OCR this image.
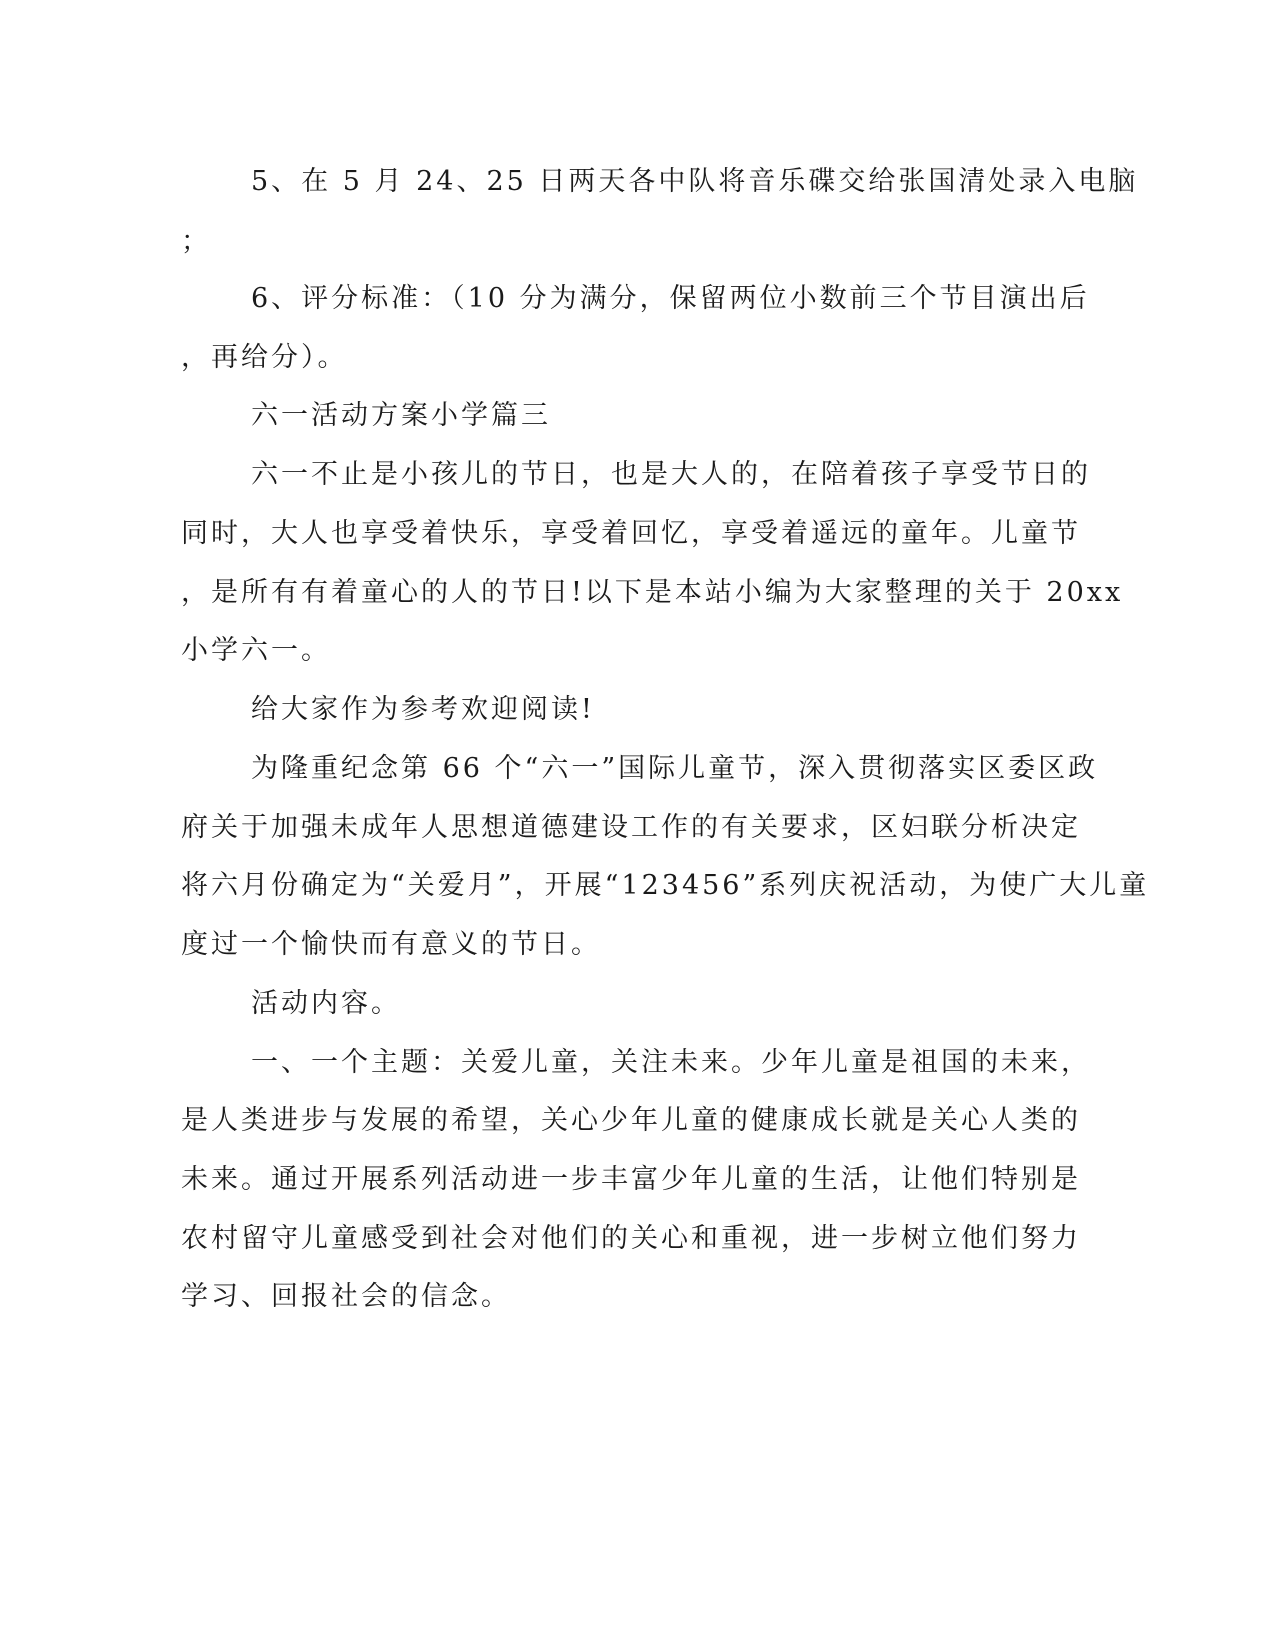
5、在 5 月 24、25 日两天各中队将音乐碟交给张国清处录入电脑
；
6、评分标准：（10 分为满分，保留两位小数前三个节目演出后
，再给分）。
六一活动方案小学篇三
六一不止是小孩儿的节日，也是大人的，在陪着孩子享受节日的
同时，大人也享受着快乐，享受着回忆，享受着遥远的童年。儿童节
，是所有有着童心的人的节日!以下是本站小编为大家整理的关于 20xx
小学六一。
给大家作为参考欢迎阅读!
为隆重纪念第 66 个“六一”国际儿童节，深入贯彻落实区委区政
府关于加强未成年人思想道德建设工作的有关要求，区妇联分析决定
将六月份确定为“关爱月”，开展“123456”系列庆祝活动，为使广大儿童
度过一个愉快而有意义的节日。
活动内容。
一、一个主题：关爱儿童，关注未来。少年儿童是祖国的未来，
是人类进步与发展的希望，关心少年儿童的健康成长就是关心人类的
未来。通过开展系列活动进一步丰富少年儿童的生活，让他们特别是
农村留守儿童感受到社会对他们的关心和重视，进一步树立他们努力
学习、回报社会的信念。
